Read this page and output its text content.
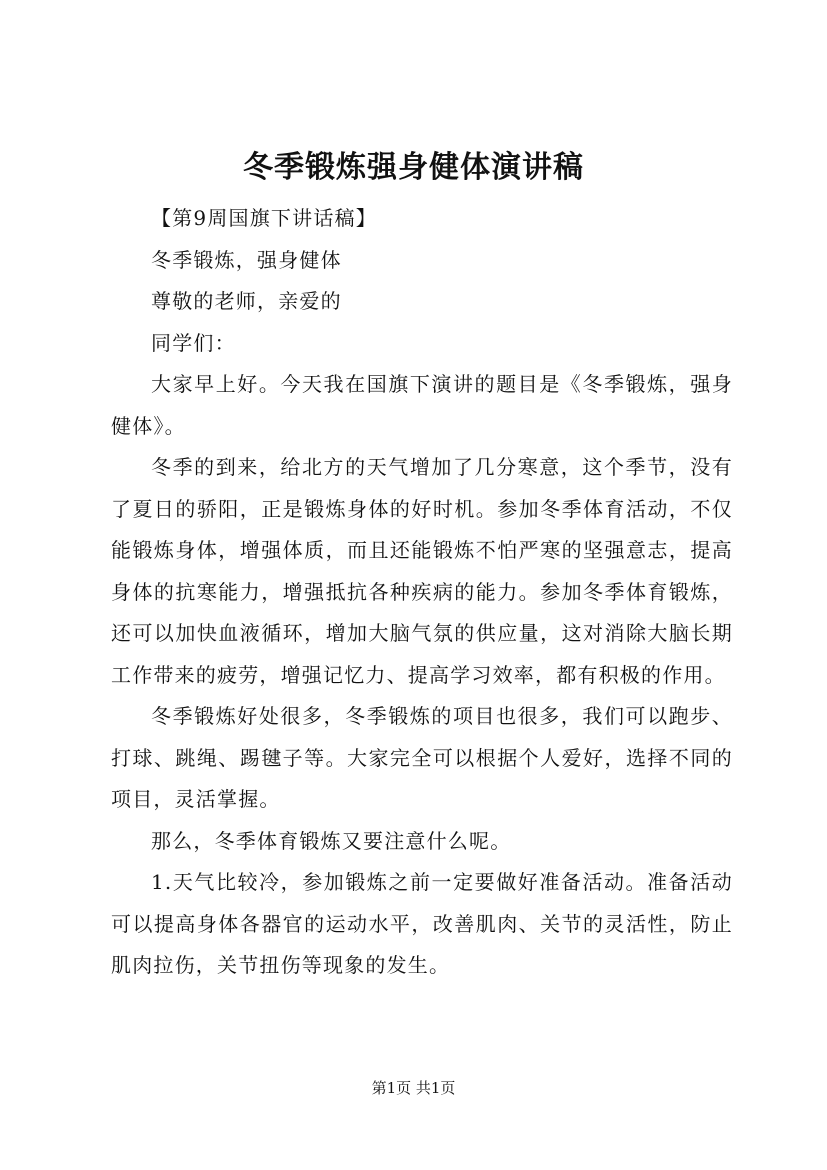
冬季锻炼强身健体演讲稿

【第9周国旗下讲话稿】

冬季锻炼，强身健体

尊敬的老师，亲爱的

同学们：

大家早上好。今天我在国旗下演讲的题目是《冬季锻炼，强身健体》。

冬季的到来，给北方的天气增加了几分寒意，这个季节，没有了夏日的骄阳，正是锻炼身体的好时机。参加冬季体育活动，不仅能锻炼身体，增强体质，而且还能锻炼不怕严寒的坚强意志，提高身体的抗寒能力，增强抵抗各种疾病的能力。参加冬季体育锻炼，还可以加快血液循环，增加大脑气氛的供应量，这对消除大脑长期工作带来的疲劳，增强记忆力、提高学习效率，都有积极的作用。

冬季锻炼好处很多，冬季锻炼的项目也很多，我们可以跑步、打球、跳绳、踢毽子等。大家完全可以根据个人爱好，选择不同的项目，灵活掌握。

那么，冬季体育锻炼又要注意什么呢。

1.天气比较冷，参加锻炼之前一定要做好准备活动。准备活动可以提高身体各器官的运动水平，改善肌肉、关节的灵活性，防止肌肉拉伤，关节扭伤等现象的发生。

第1页 共1页
